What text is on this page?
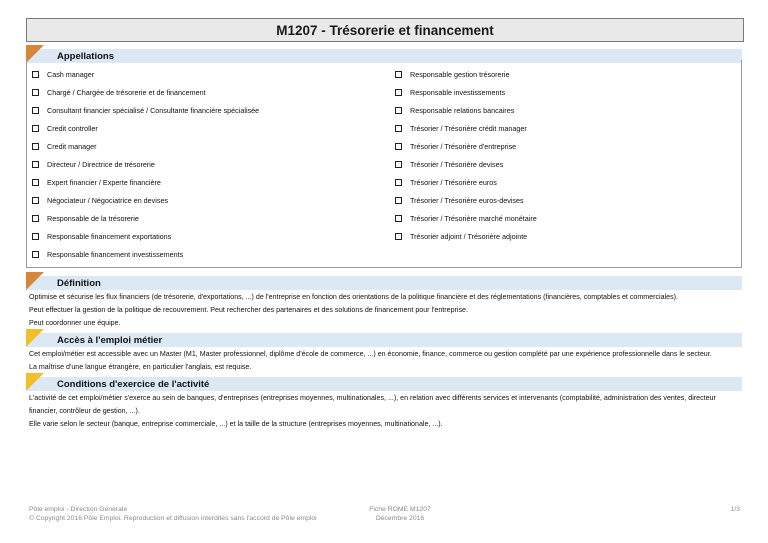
M1207 - Trésorerie et financement
Appellations
Cash manager
Chargé / Chargée de trésorerie et de financement
Consultant financier spécialisé / Consultante financière spécialisée
Credit controller
Credit manager
Directeur / Directrice de trésorerie
Expert financier / Experte financière
Négociateur / Négociatrice en devises
Responsable de la trésorerie
Responsable financement exportations
Responsable financement investissements
Responsable gestion trésorerie
Responsable investissements
Responsable relations bancaires
Trésorier / Trésorière crédit manager
Trésorier / Trésorière d'entreprise
Trésorier / Trésorière devises
Trésorier / Trésorière euros
Trésorier / Trésorière euros-devises
Trésorier / Trésorière marché monétaire
Trésorier adjoint / Trésorière adjointe
Définition
Optimise et sécurise les flux financiers (de trésorerie, d'exportations, ...) de l'entreprise en fonction des orientations de la politique financière et des réglementations (financières, comptables et commerciales).
Peut effectuer la gestion de la politique de recouvrement. Peut rechercher des partenaires et des solutions de financement pour l'entreprise.
Peut coordonner une équipe.
Accès à l'emploi métier
Cet emploi/métier est accessible avec un Master (M1, Master professionnel, diplôme d'école de commerce, ...) en économie, finance, commerce ou gestion complété par une expérience professionnelle dans le secteur.
La maîtrise d'une langue étrangère, en particulier l'anglais, est requise.
Conditions d'exercice de l'activité
L'activité de cet emploi/métier s'exerce au sein de banques, d'entreprises (entreprises moyennes, multinationales, ...), en relation avec différents services et intervenants (comptabilité, administration des ventes, directeur
financier, contrôleur de gestion, ...).
Elle varie selon le secteur (banque, entreprise commerciale, ...) et la taille de la structure (entreprises moyennes, multinationale, ...).
Pôle emploi - Direction Générale
© Copyright 2016 Pôle Emploi. Reproduction et diffusion interdites sans l'accord de Pôle emploi
Fiche ROME M1207
Décembre 2016
1/3
